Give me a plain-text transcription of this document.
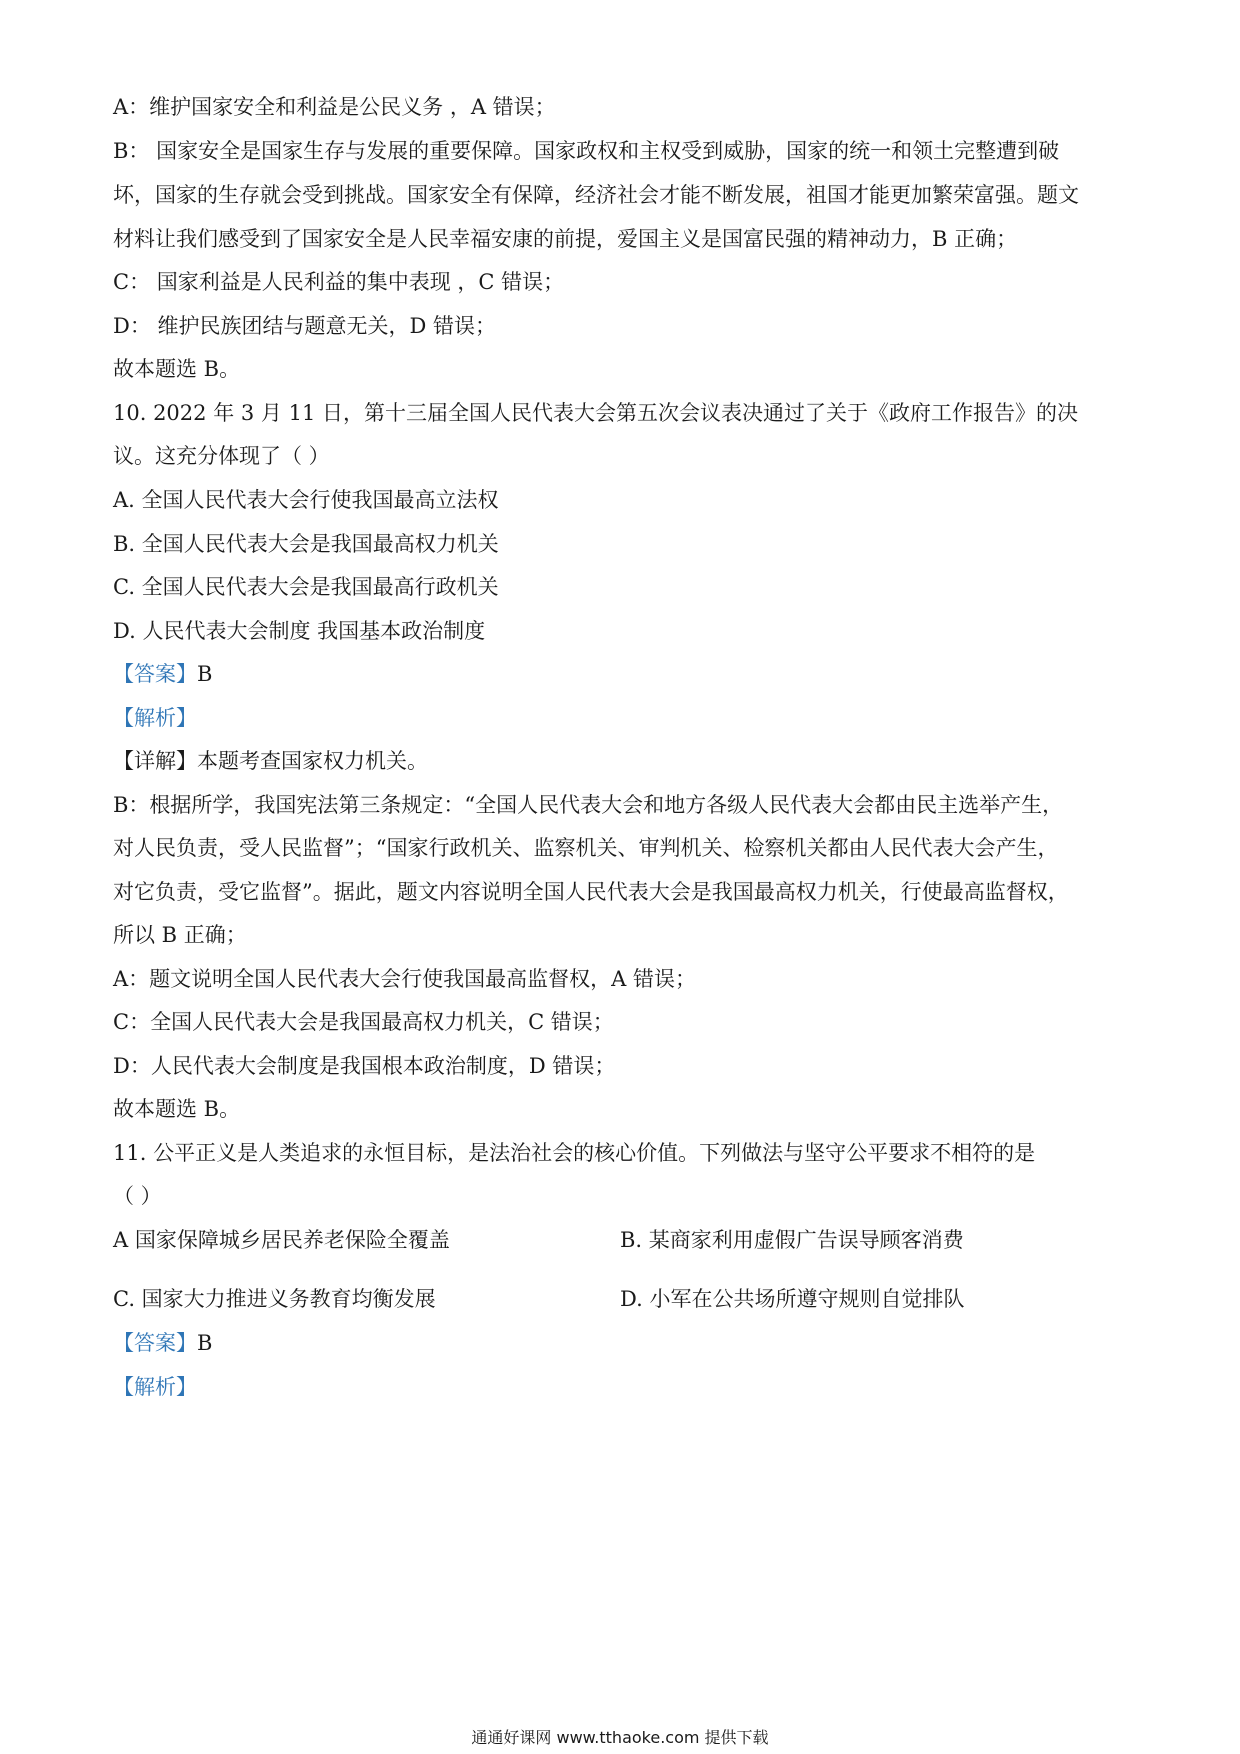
A：维护国家安全和利益是公民义务 ，A 错误；
B： 国家安全是国家生存与发展的重要保障。国家政权和主权受到威胁，国家的统一和领土完整遭到破
坏，国家的生存就会受到挑战。国家安全有保障，经济社会才能不断发展，祖国才能更加繁荣富强。题文
材料让我们感受到了国家安全是人民幸福安康的前提，爱国主义是国富民强的精神动力，B 正确；
C： 国家利益是人民利益的集中表现 ，C 错误；
D： 维护民族团结与题意无关，D 错误；
故本题选 B。
10. 2022 年 3 月 11 日，第十三届全国人民代表大会第五次会议表决通过了关于《政府工作报告》的决
议。这充分体现了（ ）
A. 全国人民代表大会行使我国最高立法权
B. 全国人民代表大会是我国最高权力机关
C. 全国人民代表大会是我国最高行政机关
D. 人民代表大会制度 我国基本政治制度
【答案】B
【解析】
【详解】本题考查国家权力机关。
B：根据所学，我国宪法第三条规定：“全国人民代表大会和地方各级人民代表大会都由民主选举产生，
对人民负责，受人民监督”；“国家行政机关、监察机关、审判机关、检察机关都由人民代表大会产生，
对它负责，受它监督”。据此，题文内容说明全国人民代表大会是我国最高权力机关，行使最高监督权，
所以 B 正确；
A：题文说明全国人民代表大会行使我国最高监督权，A 错误；
C：全国人民代表大会是我国最高权力机关，C 错误；
D：人民代表大会制度是我国根本政治制度，D 错误；
故本题选 B。
11. 公平正义是人类追求的永恒目标，是法治社会的核心价值。下列做法与坚守公平要求不相符的是
（ ）
A 国家保障城乡居民养老保险全覆盖	B. 某商家利用虚假广告误导顾客消费
C. 国家大力推进义务教育均衡发展	D. 小军在公共场所遵守规则自觉排队
【答案】B
【解析】
通通好课网 www.tthaoke.com 提供下载
